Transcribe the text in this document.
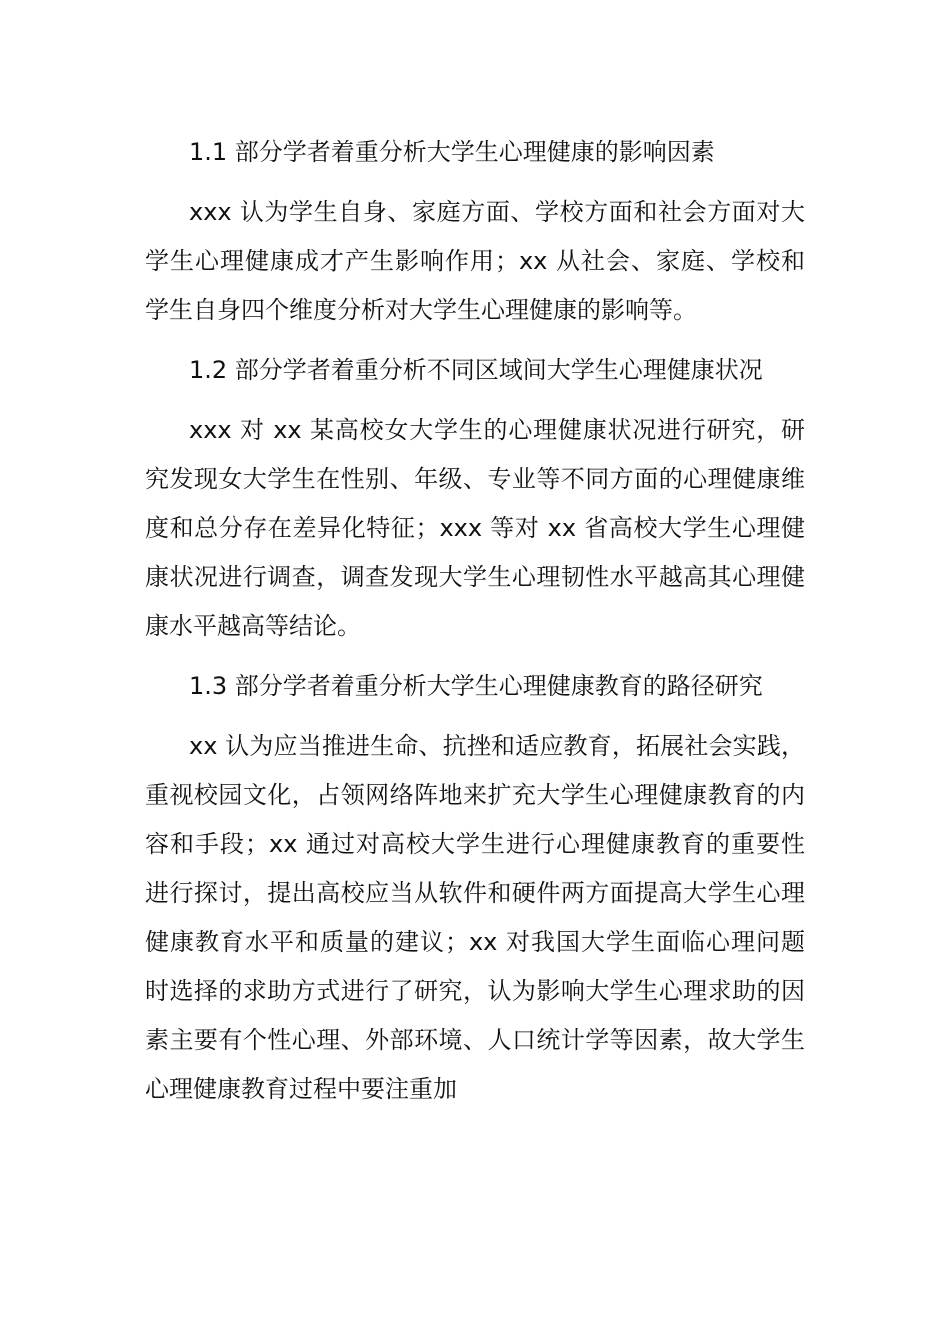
1.1 部分学者着重分析大学生心理健康的影响因素

xxx 认为学生自身、家庭方面、学校方面和社会方面对大学生心理健康成才产生影响作用；xx 从社会、家庭、学校和学生自身四个维度分析对大学生心理健康的影响等。

1.2 部分学者着重分析不同区域间大学生心理健康状况

xxx 对 xx 某高校女大学生的心理健康状况进行研究，研究发现女大学生在性别、年级、专业等不同方面的心理健康维度和总分存在差异化特征；xxx 等对 xx 省高校大学生心理健康状况进行调查，调查发现大学生心理韧性水平越高其心理健康水平越高等结论。

1.3 部分学者着重分析大学生心理健康教育的路径研究

xx 认为应当推进生命、抗挫和适应教育，拓展社会实践，重视校园文化，占领网络阵地来扩充大学生心理健康教育的内容和手段；xx 通过对高校大学生进行心理健康教育的重要性进行探讨，提出高校应当从软件和硬件两方面提高大学生心理健康教育水平和质量的建议；xx 对我国大学生面临心理问题时选择的求助方式进行了研究，认为影响大学生心理求助的因素主要有个性心理、外部环境、人口统计学等因素，故大学生心理健康教育过程中要注重加
